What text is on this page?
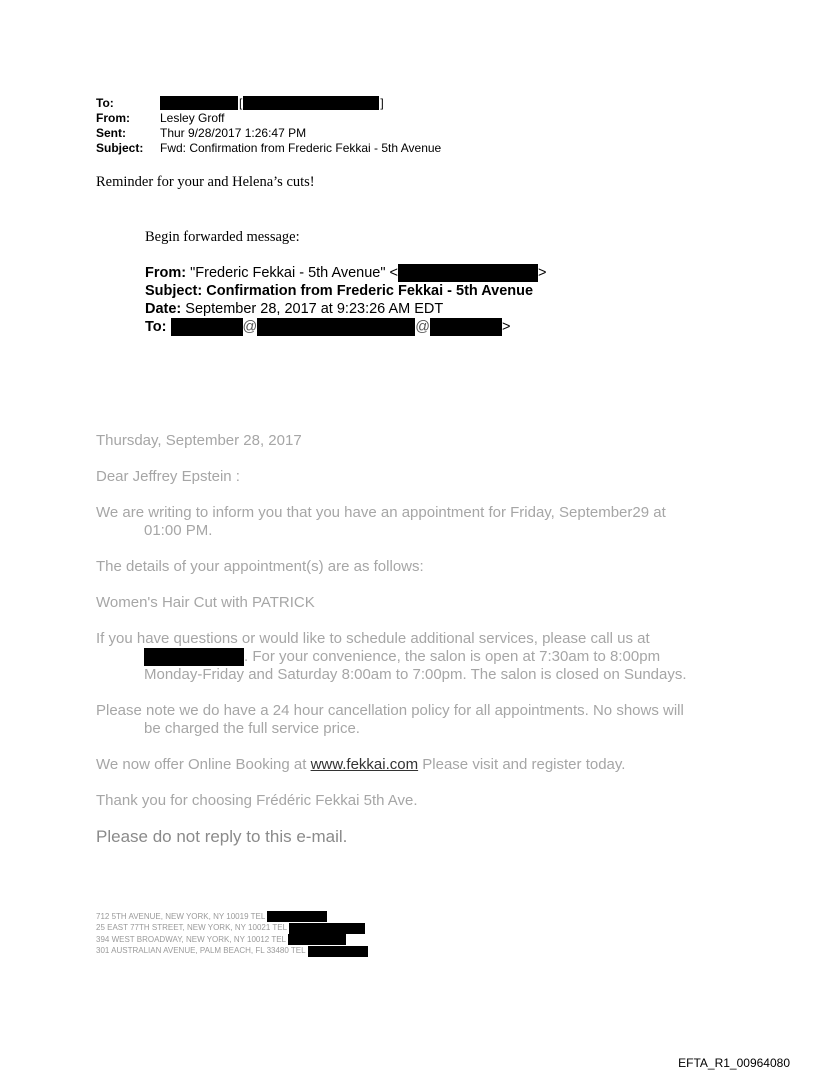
To:	[	]
From:	Lesley Groff
Sent:	Thur 9/28/2017 1:26:47 PM
Subject:	Fwd: Confirmation from Frederic Fekkai - 5th Avenue
Reminder for your and Helena’s cuts!
Begin forwarded message:
From: "Frederic Fekkai - 5th Avenue" <	>
Subject: Confirmation from Frederic Fekkai - 5th Avenue
Date: September 28, 2017 at 9:23:26 AM EDT
To:	@	@	>

Thursday, September 28, 2017

Dear Jeffrey Epstein :

We are writing to inform you that you have an appointment for Friday, September29 at 01:00 PM.

The details of your appointment(s) are as follows:

Women's Hair Cut with PATRICK

If you have questions or would like to schedule additional services, please call us at . For your convenience, the salon is open at 7:30am to 8:00pm Monday-Friday and Saturday 8:00am to 7:00pm. The salon is closed on Sundays.

Please note we do have a 24 hour cancellation policy for all appointments. No shows will be charged the full service price.

We now offer Online Booking at www.fekkai.com Please visit and register today.

Thank you for choosing Frédéric Fekkai 5th Ave.

Please do not reply to this e-mail.

712 5TH AVENUE, NEW YORK, NY 10019 TEL
25 EAST 77TH STREET, NEW YORK, NY 10021 TEL
394 WEST BROADWAY, NEW YORK, NY 10012 TEL
301 AUSTRALIAN AVENUE, PALM BEACH, FL 33480 TEL
EFTA_R1_00964080
